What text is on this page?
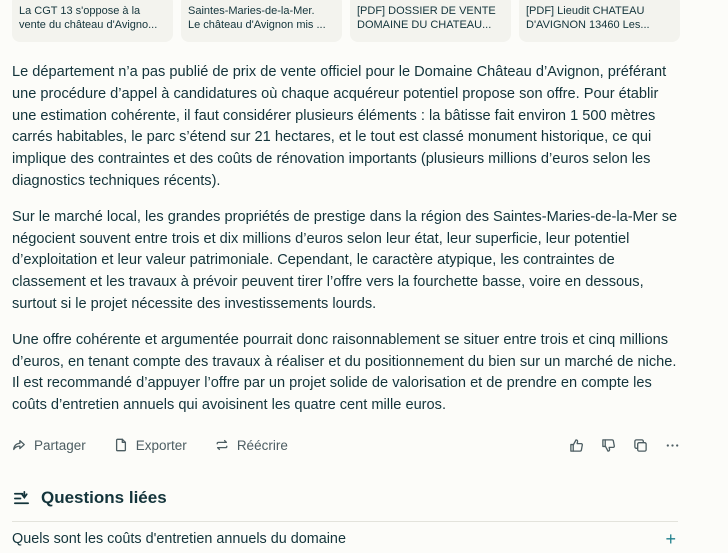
La CGT 13 s'oppose à la
vente du château d'Avigno...
Saintes-Maries-de-la-Mer.
Le château d'Avignon mis ...
[PDF] DOSSIER DE VENTE
DOMAINE DU CHATEAU...
[PDF] Lieudit CHATEAU
D'AVIGNON 13460 Les...

Le département n’a pas publié de prix de vente officiel pour le Domaine Château d’Avignon, préférant une procédure d’appel à candidatures où chaque acquéreur potentiel propose son offre. Pour établir une estimation cohérente, il faut considérer plusieurs éléments : la bâtisse fait environ 1 500 mètres carrés habitables, le parc s’étend sur 21 hectares, et le tout est classé monument historique, ce qui implique des contraintes et des coûts de rénovation importants (plusieurs millions d’euros selon les diagnostics techniques récents).

Sur le marché local, les grandes propriétés de prestige dans la région des Saintes-Maries-de-la-Mer se négocient souvent entre trois et dix millions d’euros selon leur état, leur superficie, leur potentiel d’exploitation et leur valeur patrimoniale. Cependant, le caractère atypique, les contraintes de classement et les travaux à prévoir peuvent tirer l’offre vers la fourchette basse, voire en dessous, surtout si le projet nécessite des investissements lourds.

Une offre cohérente et argumentée pourrait donc raisonnablement se situer entre trois et cinq millions d’euros, en tenant compte des travaux à réaliser et du positionnement du bien sur un marché de niche. Il est recommandé d’appuyer l’offre par un projet solide de valorisation et de prendre en compte les coûts d’entretien annuels qui avoisinent les quatre cent mille euros.

Partager	Exporter	Réécrire
Questions liées
Quels sont les coûts d'entretien annuels du domaine	+
